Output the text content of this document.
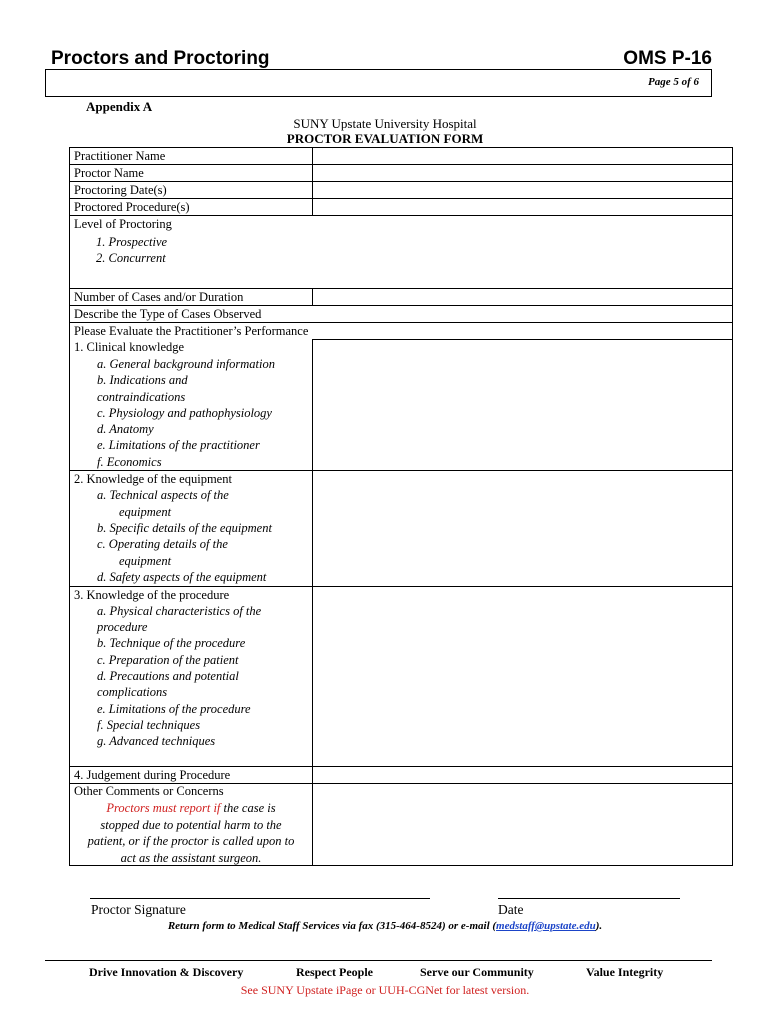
Proctors and Proctoring	OMS P-16
Page 5 of 6
Appendix A
SUNY Upstate University Hospital
PROCTOR EVALUATION FORM
Practitioner Name
Proctor Name
Proctoring Date(s)
Proctored Procedure(s)
Level of Proctoring
1. Prospective
2. Concurrent
Number of Cases and/or Duration
Describe the Type of Cases Observed
Please Evaluate the Practitioner’s Performance
1. Clinical knowledge
a. General background information
b. Indications and
contraindications
c. Physiology and pathophysiology
d. Anatomy
e. Limitations of the practitioner
f. Economics
2. Knowledge of the equipment
a. Technical aspects of the
equipment
b. Specific details of the equipment
c. Operating details of the
equipment
d. Safety aspects of the equipment
3. Knowledge of the procedure
a. Physical characteristics of the
procedure
b. Technique of the procedure
c. Preparation of the patient
d. Precautions and potential
complications
e. Limitations of the procedure
f. Special techniques
g. Advanced techniques
4. Judgement during Procedure
Other Comments or Concerns
Proctors must report if the case is
stopped due to potential harm to the
patient, or if the proctor is called upon to
act as the assistant surgeon.
Proctor Signature	Date
Return form to Medical Staff Services via fax (315-464-8524) or e-mail (medstaff@upstate.edu).
Drive Innovation & Discovery	Respect People	Serve our Community	Value Integrity
See SUNY Upstate iPage or UUH-CGNet for latest version.
